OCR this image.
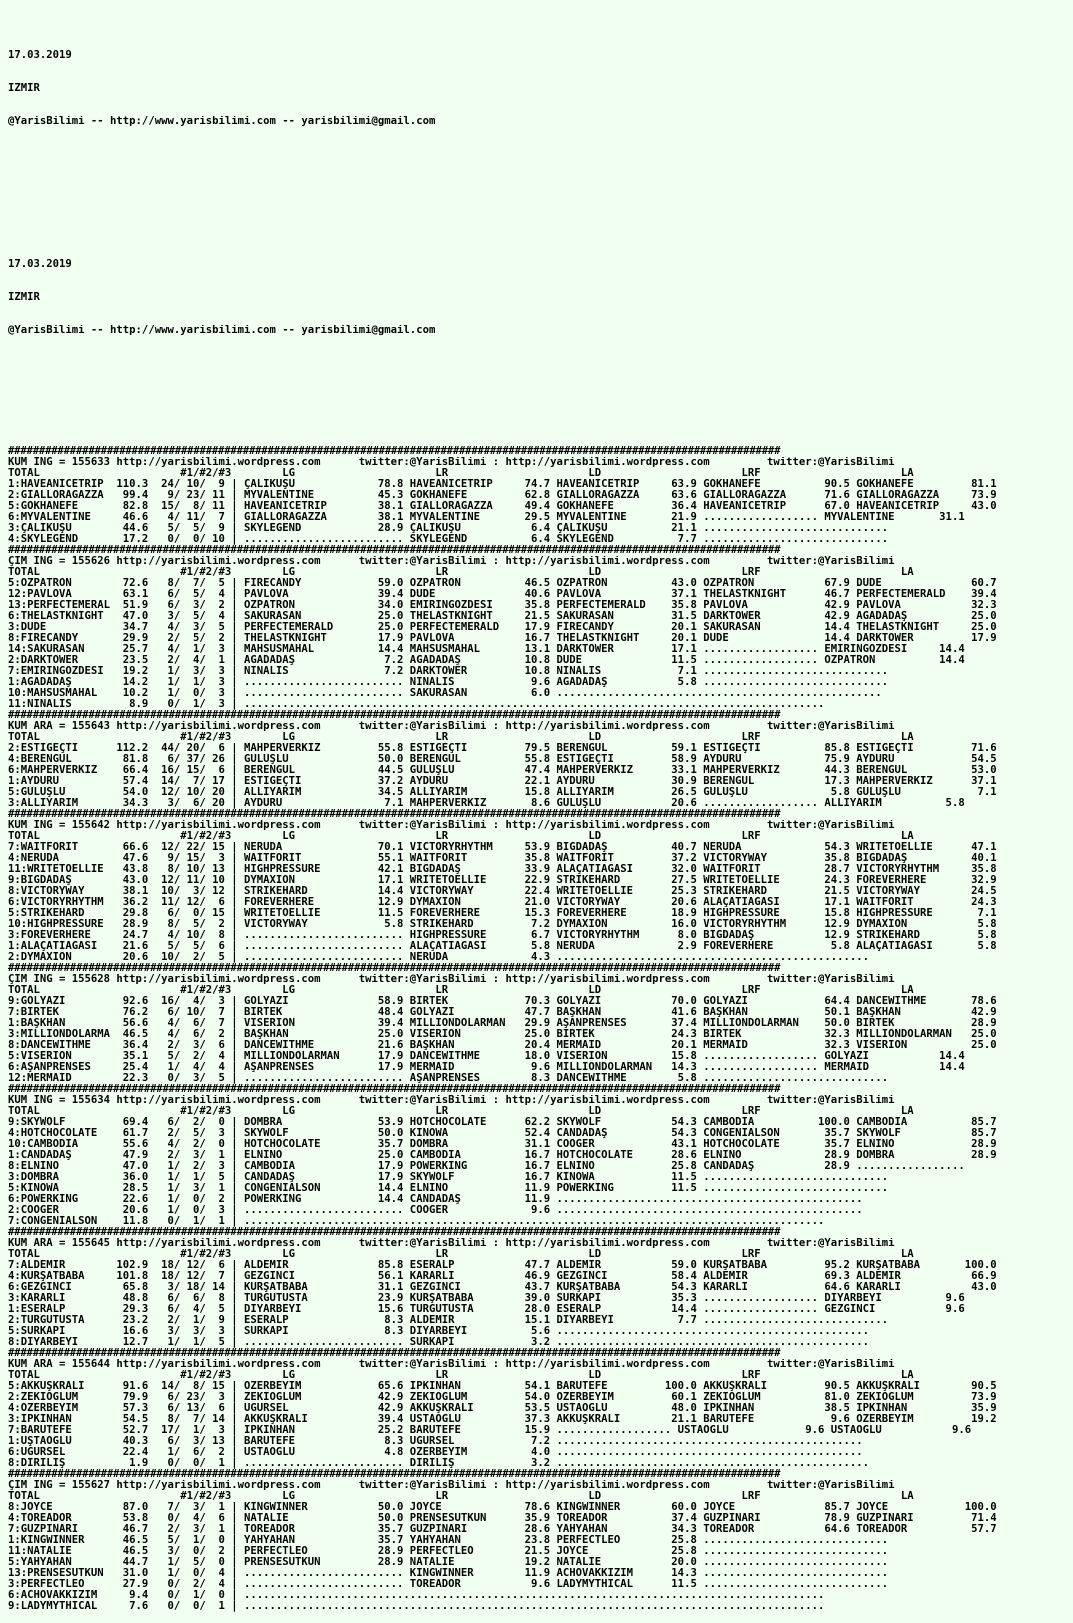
17.03.2019

IZMIR

@YarisBilimi -- http://www.yarisbilimi.com -- yarisbilimi@gmail.com

17.03.2019

IZMIR

@YarisBilimi -- http://www.yarisbilimi.com -- yarisbilimi@gmail.com

#############################################################################################################################
KUM ING = 155633 http://yarisbilimi.wordpress.com      twitter:@YarisBilimi : http://yarisbilimi.wordpress.com         twitter:@YarisBilimi
TOTAL                      #1/#2/#3        LG                      LR                      LD                      LRF                      LA
1:HAVEANICETRIP  110.3  24/ 10/  9 | ÇALIKUŞU             78.8 HAVEANICETRIP     74.7 HAVEANICETRIP     63.9 GÖKHANEFE          90.5 GÖKHANEFE         81.1
2:GIALLORAGAZZA   99.4   9/ 23/ 11 | MYVALENTINE          45.3 GÖKHANEFE         62.8 GIALLORAGAZZA     63.6 GIALLORAGAZZA      71.6 GIALLORAGAZZA     73.9
5:GÖKHANEFE       82.8  15/  8/ 11 | HAVEANICETRIP        38.1 GIALLORAGAZZA     49.4 GÖKHANEFE         36.4 HAVEANICETRIP      67.0 HAVEANICETRIP     43.0
6:MYVALENTINE     46.6   4/ 11/  7 | GIALLORAGAZZA        38.1 MYVALENTINE       29.5 MYVALENTINE       21.9 .................. MYVALENTINE       31.1
3:ÇALIKUŞU        44.6   5/  5/  9 | SKYLEGEND            28.9 ÇALIKUŞU           6.4 ÇALIKUŞU          21.1 .............................
4:SKYLEGEND       17.2   0/  0/ 10 | ......................... SKYLEGEND          6.4 SKYLEGEND          7.7 .............................
#############################################################################################################################
ÇİM ING = 155626 http://yarisbilimi.wordpress.com      twitter:@YarisBilimi : http://yarisbilimi.wordpress.com         twitter:@YarisBilimi
TOTAL                      #1/#2/#3        LG                      LR                      LD                      LRF                      LA
5:ÖZPATRON        72.6   8/  7/  5 | FIRECANDY            59.0 ÖZPATRON          46.5 ÖZPATRON          43.0 ÖZPATRON           67.9 DUDE              60.7
12:PAVLOVA        63.1   6/  5/  4 | PAVLOVA              39.4 DUDE              40.6 PAVLOVA           37.1 THELASTKNIGHT      46.7 PERFECTEMERALD    39.4
13:PERFECTEMERAL  51.9   6/  3/  2 | ÖZPATRON             34.0 EMİRİNGÖZDESİ     35.8 PERFECTEMERALD    35.8 PAVLOVA            42.9 PAVLOVA           32.3
6:THELASTKNIGHT   47.0   3/  5/  4 | SAKURASAN            25.0 THELASTKNIGHT     21.5 SAKURASAN         31.5 DARKTOWER          42.9 AGADADAŞ          25.0
3:DUDE            34.7   4/  3/  5 | PERFECTEMERALD       25.0 PERFECTEMERALD    17.9 FIRECANDY         20.1 SAKURASAN          14.4 THELASTKNIGHT     25.0
8:FIRECANDY       29.9   2/  5/  2 | THELASTKNIGHT        17.9 PAVLOVA           16.7 THELASTKNIGHT     20.1 DUDE               14.4 DARKTOWER         17.9
14:SAKURASAN      25.7   4/  1/  3 | MAHSUSMAHAL          14.4 MAHSUSMAHAL       13.1 DARKTOWER         17.1 .................. EMİRİNGÖZDESİ     14.4
2:DARKTOWER       23.5   2/  4/  1 | AGADADAŞ              7.2 AGADADAŞ          10.8 DUDE              11.5 .................. ÖZPATRON          14.4
7:EMİRİNGÖZDESİ   19.2   1/  3/  3 | NINALIS               7.2 DARKTOWER         10.8 NINALIS            7.1 .............................
1:AGADADAŞ        14.2   1/  1/  3 | ......................... NINALIS            9.6 AGADADAŞ           5.8 .............................
10:MAHSUSMAHAL    10.2   1/  0/  3 | ......................... SAKURASAN          6.0 ...................................................
11:NINALIS         8.9   0/  1/  3 | ...........................................................................................
#############################################################################################################################
KUM ARA = 155643 http://yarisbilimi.wordpress.com      twitter:@YarisBilimi : http://yarisbilimi.wordpress.com         twitter:@YarisBilimi
TOTAL                      #1/#2/#3        LG                      LR                      LD                      LRF                      LA
2:ESTİGEÇTİ      112.2  44/ 20/  6 | MAHPERVERKIZ         55.8 ESTİGEÇTİ         79.5 BERENGÜL          59.1 ESTİGEÇTİ          85.8 ESTİGEÇTİ         71.6
4:BERENGÜL        81.8   6/ 37/ 26 | GULUŞLU              50.0 BERENGÜL          55.8 ESTİGEÇTİ         58.9 AYDURU             75.9 AYDURU            54.5
6:MAHPERVERKIZ    66.4  16/ 15/  6 | BERENGÜL             44.5 GULUŞLU           47.4 MAHPERVERKIZ      33.1 MAHPERVERKIZ       44.3 BERENGÜL          53.0
1:AYDURU          57.4  14/  7/ 17 | ESTİGEÇTİ            37.2 AYDURU            22.1 AYDURU            30.9 BERENGÜL           17.3 MAHPERVERKIZ      37.1
5:GULUŞLU         54.0  12/ 10/ 20 | ALLIYARİM            34.5 ALLIYARİM         15.8 ALLIYARİM         26.5 GULUŞLU             5.8 GULUŞLU            7.1
3:ALLIYARİM       34.3   3/  6/ 20 | AYDURU                7.1 MAHPERVERKIZ       8.6 GULUŞLU           20.6 .................. ALLIYARİM          5.8
#############################################################################################################################
KUM ING = 155642 http://yarisbilimi.wordpress.com      twitter:@YarisBilimi : http://yarisbilimi.wordpress.com         twitter:@YarisBilimi
TOTAL                      #1/#2/#3        LG                      LR                      LD                      LRF                      LA
7:WAITFORIT       66.6  12/ 22/ 15 | NERUDA               70.1 VICTORYRHYTHM     53.9 BIGDADAŞ          40.7 NERUDA             54.3 WRITETOELLIE      47.1
4:NERUDA          47.6   9/ 15/  3 | WAITFORIT            55.1 WAITFORIT         35.8 WAITFORIT         37.2 VICTORYWAY         35.8 BIGDADAŞ          40.1
11:WRITETOELLIE   43.8   8/ 10/ 13 | HIGHPRESSURE         42.1 BIGDADAŞ          33.9 ALAÇATIAGASI      32.0 WAITFORIT          28.7 VICTORYRHYTHM     35.8
9:BIGDADAŞ        43.0  12/ 11/ 10 | DYMAXION             17.1 WRITETOELLIE      22.9 STRIKEHARD        27.5 WRITETOELLIE       24.3 FOREVERHERE       32.9
8:VICTORYWAY      38.1  10/  3/ 12 | STRIKEHARD           14.4 VICTORYWAY        22.4 WRITETOELLIE      25.3 STRIKEHARD         21.5 VICTORYWAY        24.5
6:VICTORYRHYTHM   36.2  11/ 12/  6 | FOREVERHERE          12.9 DYMAXION          21.0 VICTORYWAY        20.6 ALAÇATIAGASI       17.1 WAITFORIT         24.3
5:STRIKEHARD      29.8   6/  0/ 15 | WRITETOELLIE         11.5 FOREVERHERE       15.3 FOREVERHERE       18.9 HIGHPRESSURE       15.8 HIGHPRESSURE       7.1
10:HIGHPRESSURE   28.9   8/  5/  2 | VICTORYWAY            5.8 STRIKEHARD         7.2 DYMAXION          16.0 VICTORYRHYTHM      12.9 DYMAXION           5.8
3:FOREVERHERE     24.7   4/ 10/  8 | ......................... HIGHPRESSURE       6.7 VICTORYRHYTHM      8.0 BIGDADAŞ           12.9 STRIKEHARD         5.8
1:ALAÇATIAGASI    21.6   5/  5/  6 | ......................... ALAÇATIAGASI       5.8 NERUDA             2.9 FOREVERHERE         5.8 ALAÇATIAGASI       5.8
2:DYMAXION        20.6  10/  2/  5 | ......................... NERUDA             4.3 .................................................
#############################################################################################################################
ÇİM ING = 155628 http://yarisbilimi.wordpress.com      twitter:@YarisBilimi : http://yarisbilimi.wordpress.com         twitter:@YarisBilimi
TOTAL                      #1/#2/#3        LG                      LR                      LD                      LRF                      LA
9:GÖLYAZI         92.6  16/  4/  3 | GÖLYAZI              58.9 BİRTEK            70.3 GÖLYAZI           70.0 GÖLYAZI            64.4 DANCEWITHME       78.6
7:BİRTEK          76.2   6/ 10/  7 | BİRTEK               48.4 GÖLYAZI           47.7 BAŞKHAN           41.6 BAŞKHAN            50.1 BAŞKHAN           42.9
1:BAŞKHAN         56.6   4/  6/  7 | VISERION             39.4 MILLIONDOLARMAN   29.9 AŞANPRENSES       37.4 MILLIONDOLARMAN    50.0 BİRTEK            28.9
3:MILLIONDOLARMA  46.5   4/  6/  2 | BAŞKHAN              25.0 VISERION          25.0 BİRTEK            24.3 BİRTEK             32.3 MILLIONDOLARMAN   25.0
8:DANCEWITHME     36.4   2/  3/  6 | DANCEWITHME          21.6 BAŞKHAN           20.4 MERMAID           20.1 MERMAID            32.3 VISERION          25.0
5:VISERION        35.1   5/  2/  4 | MILLIONDOLARMAN      17.9 DANCEWITHME       18.0 VISERION          15.8 .................. GÖLYAZI           14.4
6:AŞANPRENSES     25.4   1/  4/  4 | AŞANPRENSES          17.9 MERMAID            9.6 MILLIONDOLARMAN   14.3 .................. MERMAID           14.4
12:MERMAID        22.3   0/  3/  5 | ......................... AŞANPRENSES        8.3 DANCEWITHME        5.8 .............................
#############################################################################################################################
KUM ING = 155634 http://yarisbilimi.wordpress.com      twitter:@YarisBilimi : http://yarisbilimi.wordpress.com         twitter:@YarisBilimi
TOTAL                      #1/#2/#3        LG                      LR                      LD                      LRF                      LA
9:SKYWOLF         69.4   6/  2/  0 | DOMBRA               53.9 HOTCHOCOLATE      62.2 SKYWOLF           54.3 CAMBODIA          100.0 CAMBODIA          85.7
4:HOTCHOCOLATE    61.7   2/  5/  3 | SKYWOLF              50.0 KINOWA            52.4 CANDADAŞ          54.3 CONGENIALSON       35.7 SKYWOLF           85.7
10:CAMBODIA       55.6   4/  2/  0 | HOTCHOCOLATE         35.7 DOMBRA            31.1 COOGER            43.1 HOTCHOCOLATE       35.7 ELNINO            28.9
1:CANDADAŞ        47.9   2/  3/  1 | ELNINO               25.0 CAMBODIA          16.7 HOTCHOCOLATE      28.6 ELNINO             28.9 DOMBRA            28.9
8:ELNINO          47.0   1/  2/  3 | CAMBODIA             17.9 POWERKING         16.7 ELNINO            25.8 CANDADAŞ           28.9 .................
3:DOMBRA          36.0   1/  1/  5 | CANDADAŞ             17.9 SKYWOLF           16.7 KINOWA            11.5 .............................
5:KINOWA          28.5   1/  3/  1 | CONGENIALSON         14.4 ELNINO            11.9 POWERKING         11.5 .............................
6:POWERKING       22.6   1/  0/  2 | POWERKING            14.4 CANDADAŞ          11.9 ................................................
2:COOGER          20.6   1/  0/  3 | ......................... COOGER             9.6 ................................................
7:CONGENIALSON    11.8   0/  1/  1 | ...........................................................................................
#############################################################################################################################
KUM ARA = 155645 http://yarisbilimi.wordpress.com      twitter:@YarisBilimi : http://yarisbilimi.wordpress.com         twitter:@YarisBilimi
TOTAL                      #1/#2/#3        LG                      LR                      LD                      LRF                      LA
7:ALDEMİR        102.9  18/ 12/  6 | ALDEMİR              85.8 ESERALP           47.7 ALDEMİR           59.0 KURŞATBABA         95.2 KURŞATBABA       100.0
4:KURŞATBABA     101.8  18/ 12/  7 | GEZGİNCİ             56.1 KARARLI           46.9 GEZGİNCİ          58.4 ALDEMİR            69.3 ALDEMİR           66.9
6:GEZGİNCİ        65.8   3/ 18/ 14 | KURŞATBABA           31.1 GEZGİNCİ          43.7 KURŞATBABA        54.3 KARARLI            64.6 KARARLI           43.0
3:KARARLI         48.8   6/  6/  8 | TURGUTUSTA           23.9 KURŞATBABA        39.0 SURKAPI           35.3 .................. DİYARBEYİ          9.6
1:ESERALP         29.3   6/  4/  5 | DİYARBEYİ            15.6 TURGUTUSTA        28.0 ESERALP           14.4 .................. GEZGİNCİ           9.6
2:TURGUTUSTA      23.2   2/  1/  9 | ESERALP               8.3 ALDEMİR           15.1 DİYARBEYİ          7.7 .............................
5:SURKAPI         16.6   3/  3/  3 | SURKAPI               8.3 DİYARBEYİ          5.6 .................................................
8:DİYARBEYİ       12.7   1/  1/  5 | ......................... SURKAPI            3.2 .................................................
#############################################################################################################################
KUM ARA = 155644 http://yarisbilimi.wordpress.com      twitter:@YarisBilimi : http://yarisbilimi.wordpress.com         twitter:@YarisBilimi
TOTAL                      #1/#2/#3        LG                      LR                      LD                      LRF                      LA
5:AKKUŞKRALI      91.6  14/  8/ 15 | ÖZERBEYİM            65.6 İPKİNHAN          54.1 BARUTEFE         100.0 AKKUŞKRALI         90.5 AKKUŞKRALI        90.5
2:ZEKİOĞLUM       79.9   6/ 23/  3 | ZEKİOĞLUM            42.9 ZEKİOĞLUM         54.0 ÖZERBEYİM         60.1 ZEKİOĞLUM          81.0 ZEKİOĞLUM         73.9
4:ÖZERBEYİM       57.3   6/ 13/  6 | UGURSEL              42.9 AKKUŞKRALI        53.5 USTAOĞLU          48.0 İPKİNHAN           38.5 İPKİNHAN          35.9
3:İPKİNHAN        54.5   8/  7/ 14 | AKKUŞKRALI           39.4 USTAOĞLU          37.3 AKKUŞKRALI        21.1 BARUTEFE            9.6 ÖZERBEYİM         19.2
7:BARUTEFE        52.7  17/  1/  3 | İPKİNHAN             25.2 BARUTEFE          15.9 .................. USTAOĞLU            9.6 USTAOĞLU           9.6
1:UŞTAOĞLU        40.3   6/  3/ 13 | BARUTEFE              8.3 UGURSEL            7.2 ................................................
6:UGURSEL         22.4   1/  6/  2 | USTAOĞLU              4.8 ÖZERBEYİM          4.0 ................................................
8:DİRİLİŞ          1.9   0/  0/  1 | ......................... DİRİLİŞ            3.2 .................................................
#############################################################################################################################
ÇİM ING = 155627 http://yarisbilimi.wordpress.com      twitter:@YarisBilimi : http://yarisbilimi.wordpress.com         twitter:@YarisBilimi
TOTAL                      #1/#2/#3        LG                      LR                      LD                      LRF                      LA
8:JOYCE           87.0   7/  3/  1 | KINGWINNER           50.0 JOYCE             78.6 KINGWINNER        60.0 JOYCE              85.7 JOYCE            100.0
4:TOREADOR        53.8   0/  4/  6 | NATALIE              50.0 PRENSESUTKUN      35.9 TOREADOR          37.4 GÜZPINARI          78.9 GÜZPINARI         71.4
7:GÜZPINARI       46.7   2/  3/  1 | TOREADOR             35.7 GÜZPINARI         28.6 YAHYAHAN          34.3 TOREADOR           64.6 TOREADOR          57.7
1:KINGWINNER      46.5   5/  1/  0 | YAHYAHAN             35.7 YAHYAHAN          23.8 PERFECTLEO        25.8 .............................
11:NATALIE        46.5   3/  0/  2 | PERFECTLEO           28.9 PERFECTLEO        21.5 JOYCE             25.8 .............................
5:YAHYAHAN        44.7   1/  5/  0 | PRENSESUTKUN         28.9 NATALIE           19.2 NATALIE           20.0 .............................
13:PRENSESUTKUN   31.0   1/  0/  4 | ......................... KINGWINNER        11.9 ACHOVAKKIZIM      14.3 .............................
3:PERFECTLEO      27.9   0/  2/  4 | ......................... TOREADOR           9.6 LADYMYTHICAL      11.5 .............................
6:ACHOVAKKIZIM     9.4   0/  1/  0 | ...........................................................................................
9:LADYMYTHICAL     7.6   0/  0/  1 | ...........................................................................................
